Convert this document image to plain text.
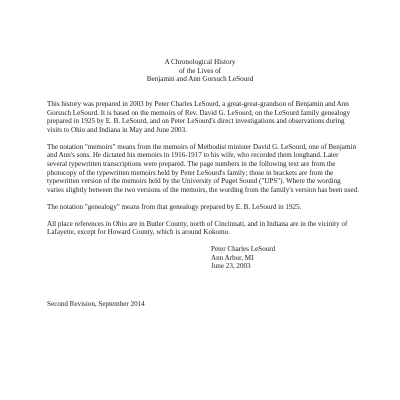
A Chronological History
of the Lives of
Benjamin and Ann Gorsuch LeSourd

This history was prepared in 2003 by Peter Charles LeSourd, a great-great-grandson of Benjamin and Ann Gorsuch LeSourd. It is based on the memoirs of Rev. David G. LeSourd, on the LeSourd family genealogy prepared in 1925 by E. B. LeSourd, and on Peter LeSourd's direct investigations and observations during visits to Ohio and Indiana in May and June 2003.

The notation "memoirs" means from the memoirs of Methodist minister David G. LeSourd, one of Benjamin and Ann's sons. He dictated his memoirs in 1916-1917 to his wife, who recorded them longhand. Later several typewritten transcriptions were prepared. The page numbers in the following text are from the photocopy of the typewritten memoirs held by Peter LeSourd's family; those in brackets are from the typewritten version of the memoirs held by the University of Puget Sound ("UPS"). Where the wording varies slightly between the two versions of the memoirs, the wording from the family's version has been used.

The notation "genealogy" means from that genealogy prepared by E. B. LeSourd in 1925.

All place references in Ohio are in Butler County, north of Cincinnati, and in Indiana are in the vicinity of Lafayette, except for Howard County, which is around Kokomo.

Peter Charles LeSourd
Ann Arbor, MI
June 23, 2003
Second Revision, September 2014
